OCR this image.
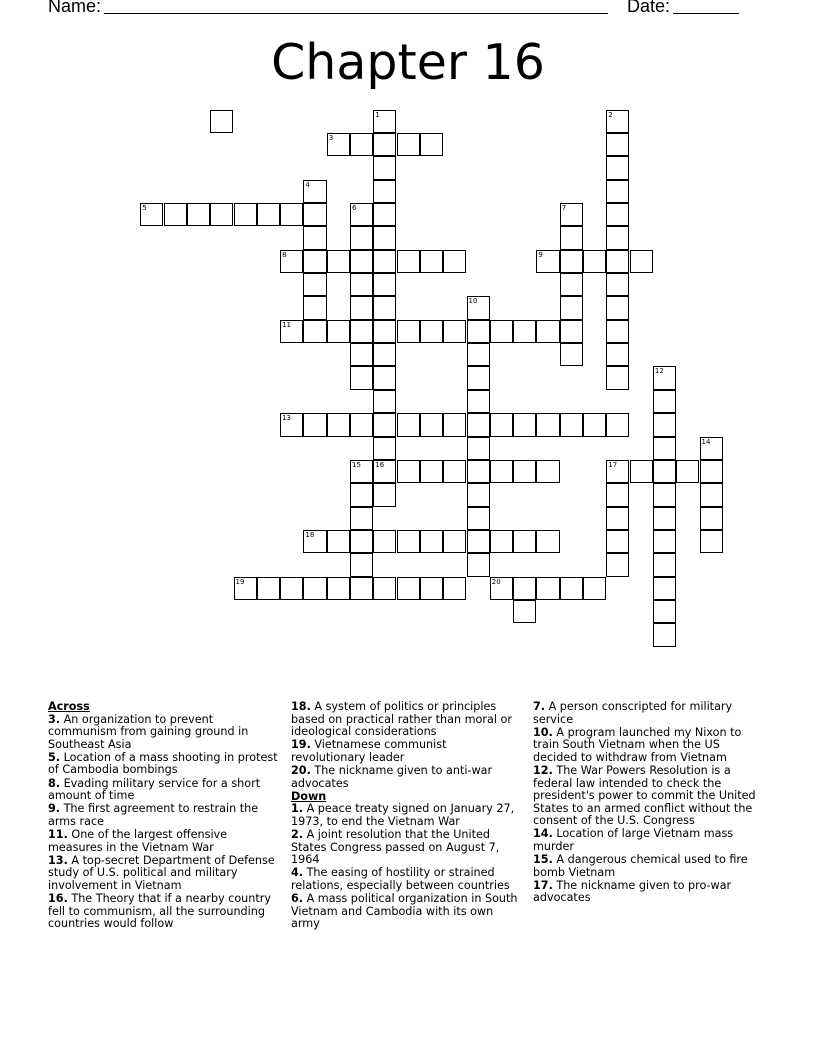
Name:	Date:
Chapter 16
1	2
3
4
5	6	7
8	9
10
11
12
13
14
15 16	17
18
19	20
Across
3. An organization to prevent communism from gaining ground in Southeast Asia
5. Location of a mass shooting in protest of Cambodia bombings
8. Evading military service for a short amount of time
9. The first agreement to restrain the arms race
11. One of the largest offensive measures in the Vietnam War
13. A top-secret Department of Defense study of U.S. political and military involvement in Vietnam
16. The Theory that if a nearby country fell to communism, all the surrounding countries would follow
18. A system of politics or principles based on practical rather than moral or ideological considerations
19. Vietnamese communist revolutionary leader
20. The nickname given to anti-war advocates
Down
1. A peace treaty signed on January 27, 1973, to end the Vietnam War
2. A joint resolution that the United States Congress passed on August 7, 1964
4. The easing of hostility or strained relations, especially between countries
6. A mass political organization in South Vietnam and Cambodia with its own army
7. A person conscripted for military service
10. A program launched my Nixon to train South Vietnam when the US decided to withdraw from Vietnam
12. The War Powers Resolution is a federal law intended to check the president's power to commit the United States to an armed conflict without the consent of the U.S. Congress
14. Location of large Vietnam mass murder
15. A dangerous chemical used to fire bomb Vietnam
17. The nickname given to pro-war advocates
